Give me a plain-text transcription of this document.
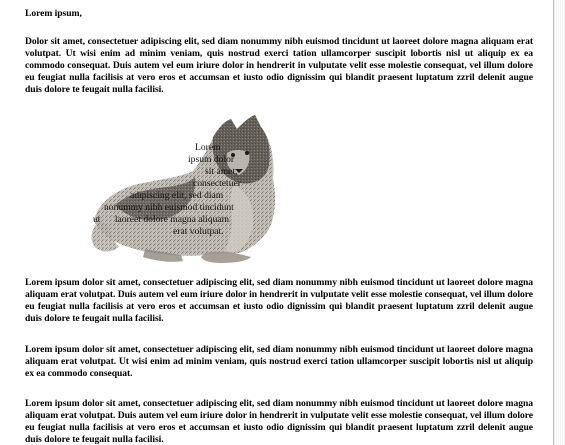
Lorem ipsum,

Dolor sit amet, consectetuer adipiscing elit, sed diam nonummy nibh euismod tincidunt ut laoreet dolore magna aliquam erat volutpat. Ut wisi enim ad minim veniam, quis nostrud exerci tation ullamcorper suscipit lobortis nisl ut aliquip ex ea commodo consequat. Duis autem vel eum iriure dolor in hendrerit in vulputate velit esse molestie consequat, vel illum dolore eu feugiat nulla facilisis at vero eros et accumsan et iusto odio dignissim qui blandit praesent luptatum zzril delenit augue duis dolore te feugait nulla facilisi.

Lorem
ipsum dolor
sit amet,
consectetuer
adipiscing elit, sed diam
nonummy nibh euismod tincidunt
ut      laoreet dolore magna aliquam
erat volutpat.

Lorem ipsum dolor sit amet, consectetuer adipiscing elit, sed diam nonummy nibh euismod tincidunt ut laoreet dolore magna aliquam erat volutpat. Duis autem vel eum iriure dolor in hendrerit in vulputate velit esse molestie consequat, vel illum dolore eu feugiat nulla facilisis at vero eros et accumsan et iusto odio dignissim qui blandit praesent luptatum zzril delenit augue duis dolore te feugait nulla facilisi.

Lorem ipsum dolor sit amet, consectetuer adipiscing elit, sed diam nonummy nibh euismod tincidunt ut laoreet dolore magna aliquam erat volutpat. Ut wisi enim ad minim veniam, quis nostrud exerci tation ullamcorper suscipit lobortis nisl ut aliquip ex ea commodo consequat.

Lorem ipsum dolor sit amet, consectetuer adipiscing elit, sed diam nonummy nibh euismod tincidunt ut laoreet dolore magna aliquam erat volutpat. Duis autem vel eum iriure dolor in hendrerit in vulputate velit esse molestie consequat, vel illum dolore eu feugiat nulla facilisis at vero eros et accumsan et iusto odio dignissim qui blandit praesent luptatum zzril delenit augue duis dolore te feugait nulla facilisi.
